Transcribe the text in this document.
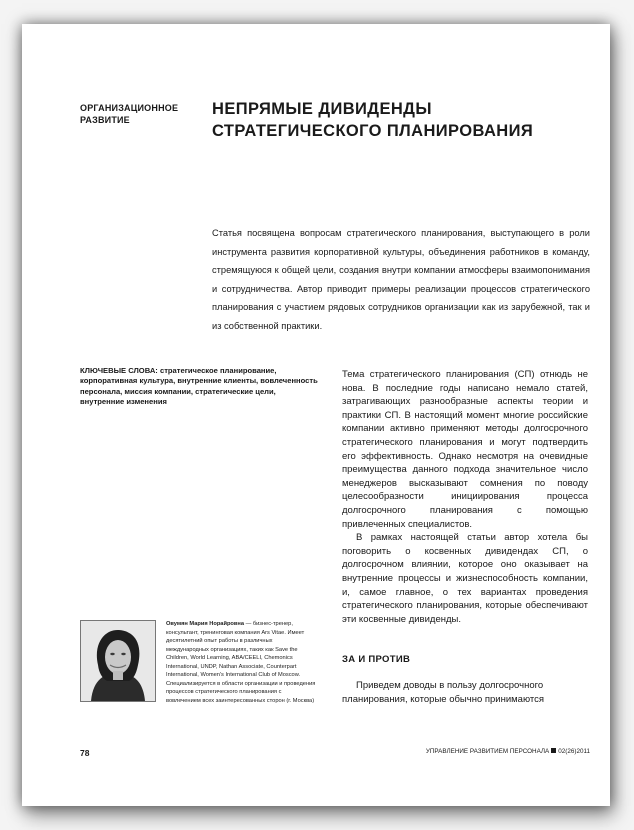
ОРГАНИЗАЦИОННОЕ
РАЗВИТИЕ
НЕПРЯМЫЕ ДИВИДЕНДЫ СТРАТЕГИЧЕСКОГО ПЛАНИРОВАНИЯ
Статья посвящена вопросам стратегического планирования, выступающего в роли инструмента развития корпоративной культуры, объединения работников в команду, стремящуюся к общей цели, создания внутри компании атмосферы взаимопонимания и сотрудничества. Автор приводит примеры реализации процессов стратегического планирования с участием рядовых сотрудников организации как из зарубежной, так и из собственной практики.
КЛЮЧЕВЫЕ СЛОВА: стратегическое планирование, корпоративная культура, внутренние клиенты, вовлеченность персонала, миссия компании, стратегические цели, внутренние изменения

Тема стратегического планирования (СП) отнюдь не нова. В последние годы написано немало статей, затрагивающих разнообразные аспекты теории и практики СП. В настоящий момент многие российские компании активно применяют методы долгосрочного стратегического планирования и могут подтвердить его эффективность. Однако несмотря на очевидные преимущества данного подхода значительное число менеджеров высказывают сомнения по поводу целесообразности инициирования процесса долгосрочного планирования с помощью привлеченных специалистов.

В рамках настоящей статьи автор хотела бы поговорить о косвенных дивидендах СП, о долгосрочном влиянии, которое оно оказывает на внутренние процессы и жизнеспособность компании, и, самое главное, о тех вариантах проведения стратегического планирования, которые обеспечивают эти косвенные дивиденды.

ЗА И ПРОТИВ
Приведем доводы в пользу долгосрочного планирования, которые обычно принимаются
Овумян Мария Норайровна — бизнес-тренер, консультант, тренинговая компания Ars Vitae. Имеет десятилетний опыт работы в различных международных организациях, таких как Save the Children, World Learning, ABA/CEELI, Chemonics International, UNDP, Nathan Associate, Counterpart International, Women's International Club of Moscow. Специализируется в области организации и проведения процессов стратегического планирования с вовлечением всех заинтересованных сторон (г. Москва)
78	УПРАВЛЕНИЕ РАЗВИТИЕМ ПЕРСОНАЛА 02(26)2011
